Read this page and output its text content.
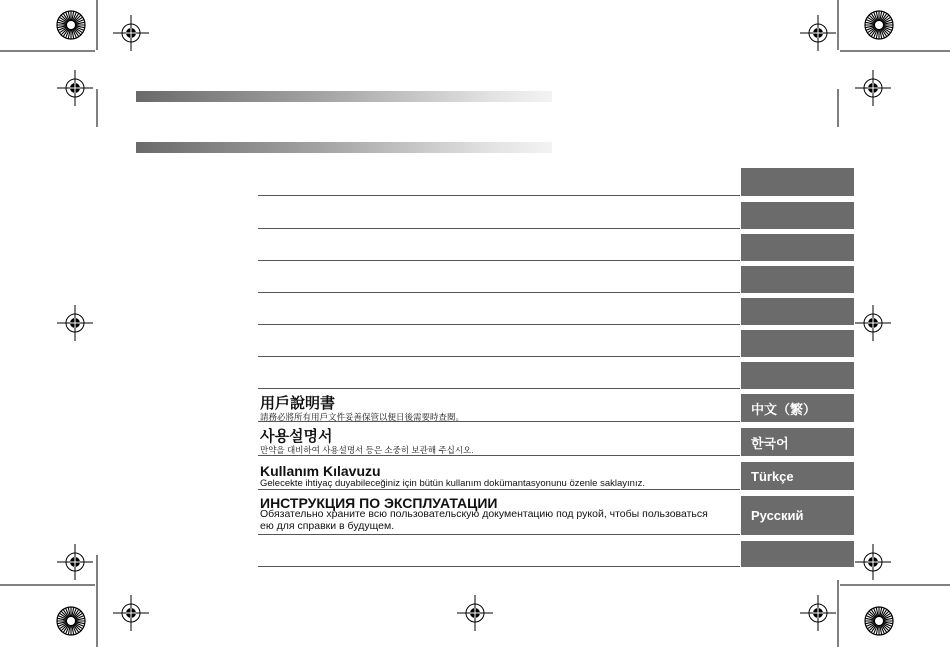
用戶說明書
請務必將所有用戶文件妥善保管以便日後需要時查閱。
中文（繁）
사용설명서
만약을 대비하여 사용설명서 등은 소중히 보관해 주십시오.	한국어
Kullanım Kılavuzu
Gelecekte ihtiyaç duyabileceğiniz için bütün kullanım dokümantasyonunu özenle saklayınız.	Türkçe
ИНСТРУКЦИЯ ПО ЭКСПЛУАТАЦИИ
Обязательно храните всю пользовательскую документацию под рукой, чтобы пользоваться ею для справки в будущем.
Русский
